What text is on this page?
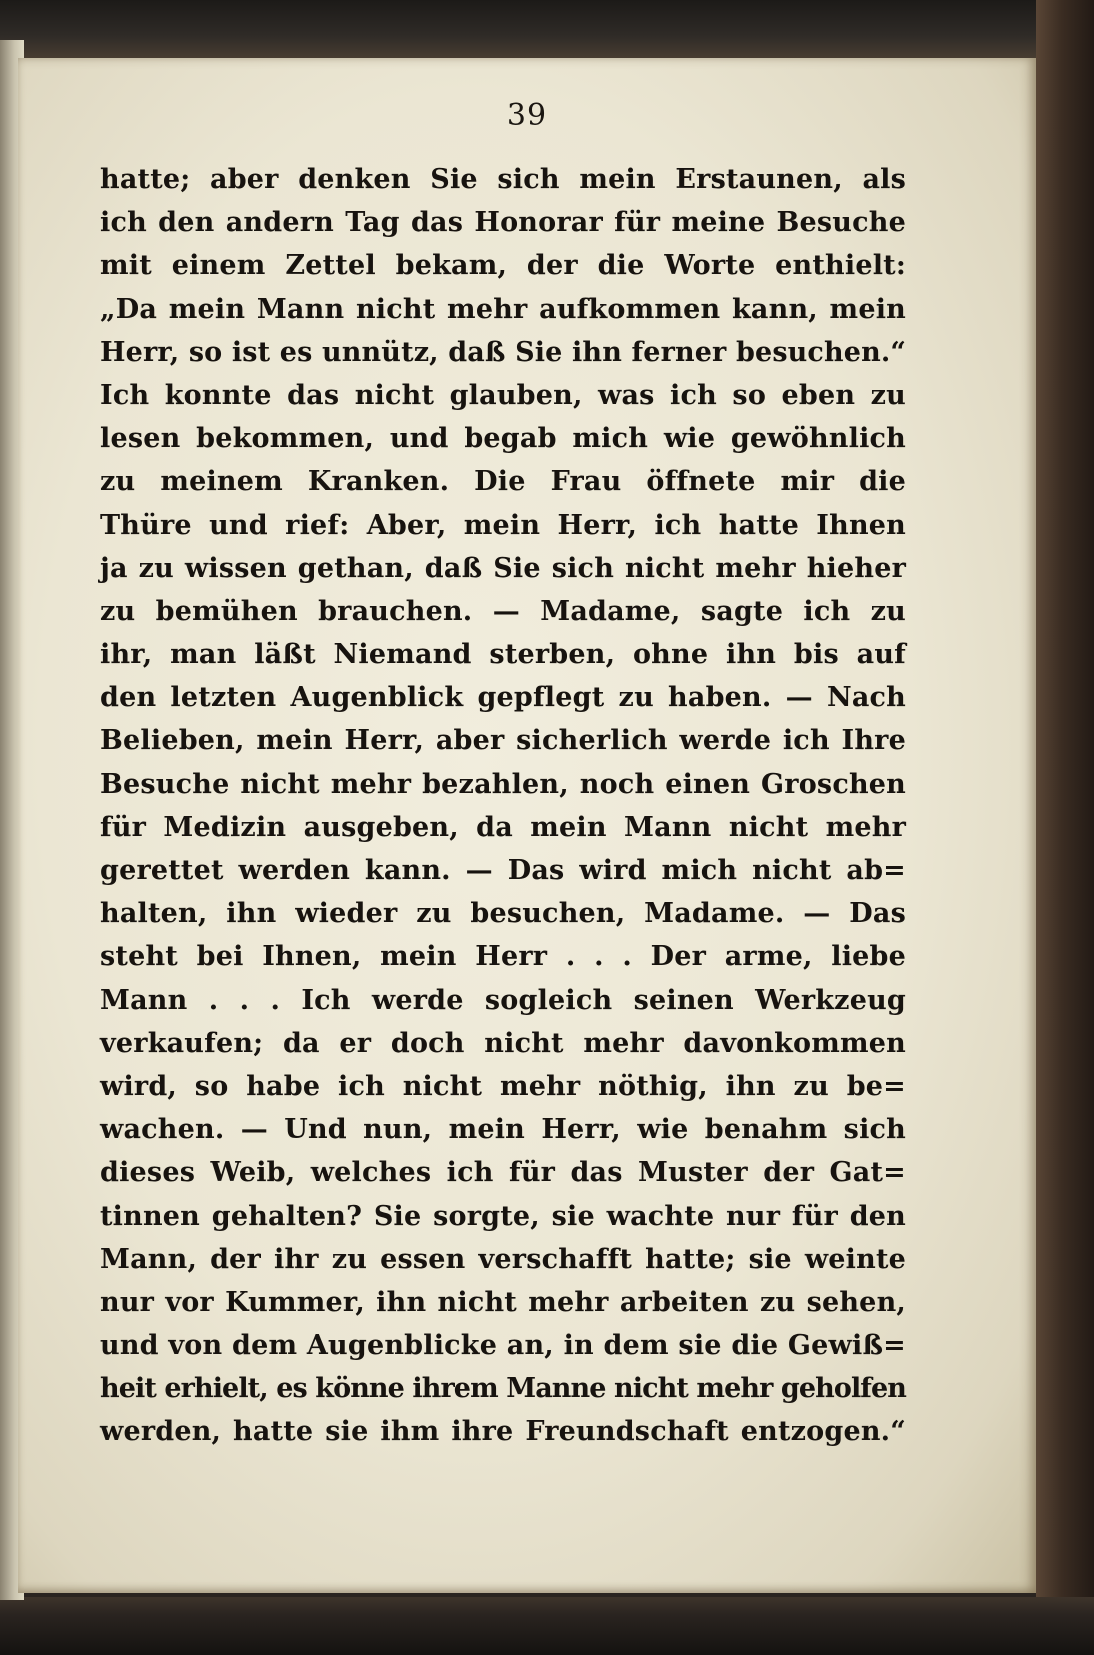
39
hatte; aber denken Sie sich mein Erstaunen, als
ich den andern Tag das Honorar für meine Besuche
mit einem Zettel bekam, der die Worte enthielt:
„Da mein Mann nicht mehr aufkommen kann, mein
Herr, so ist es unnütz, daß Sie ihn ferner besuchen.“
Ich konnte das nicht glauben, was ich so eben zu
lesen bekommen, und begab mich wie gewöhnlich
zu meinem Kranken. Die Frau öffnete mir die
Thüre und rief: Aber, mein Herr, ich hatte Ihnen
ja zu wissen gethan, daß Sie sich nicht mehr hieher
zu bemühen brauchen. — Madame, sagte ich zu
ihr, man läßt Niemand sterben, ohne ihn bis auf
den letzten Augenblick gepflegt zu haben. — Nach
Belieben, mein Herr, aber sicherlich werde ich Ihre
Besuche nicht mehr bezahlen, noch einen Groschen
für Medizin ausgeben, da mein Mann nicht mehr
gerettet werden kann. — Das wird mich nicht ab=
halten, ihn wieder zu besuchen, Madame. — Das
steht bei Ihnen, mein Herr . . . Der arme, liebe
Mann . . . Ich werde sogleich seinen Werkzeug
verkaufen; da er doch nicht mehr davonkommen
wird, so habe ich nicht mehr nöthig, ihn zu be=
wachen. — Und nun, mein Herr, wie benahm sich
dieses Weib, welches ich für das Muster der Gat=
tinnen gehalten? Sie sorgte, sie wachte nur für den
Mann, der ihr zu essen verschafft hatte; sie weinte
nur vor Kummer, ihn nicht mehr arbeiten zu sehen,
und von dem Augenblicke an, in dem sie die Gewiß=
heit erhielt, es könne ihrem Manne nicht mehr geholfen
werden, hatte sie ihm ihre Freundschaft entzogen.“
